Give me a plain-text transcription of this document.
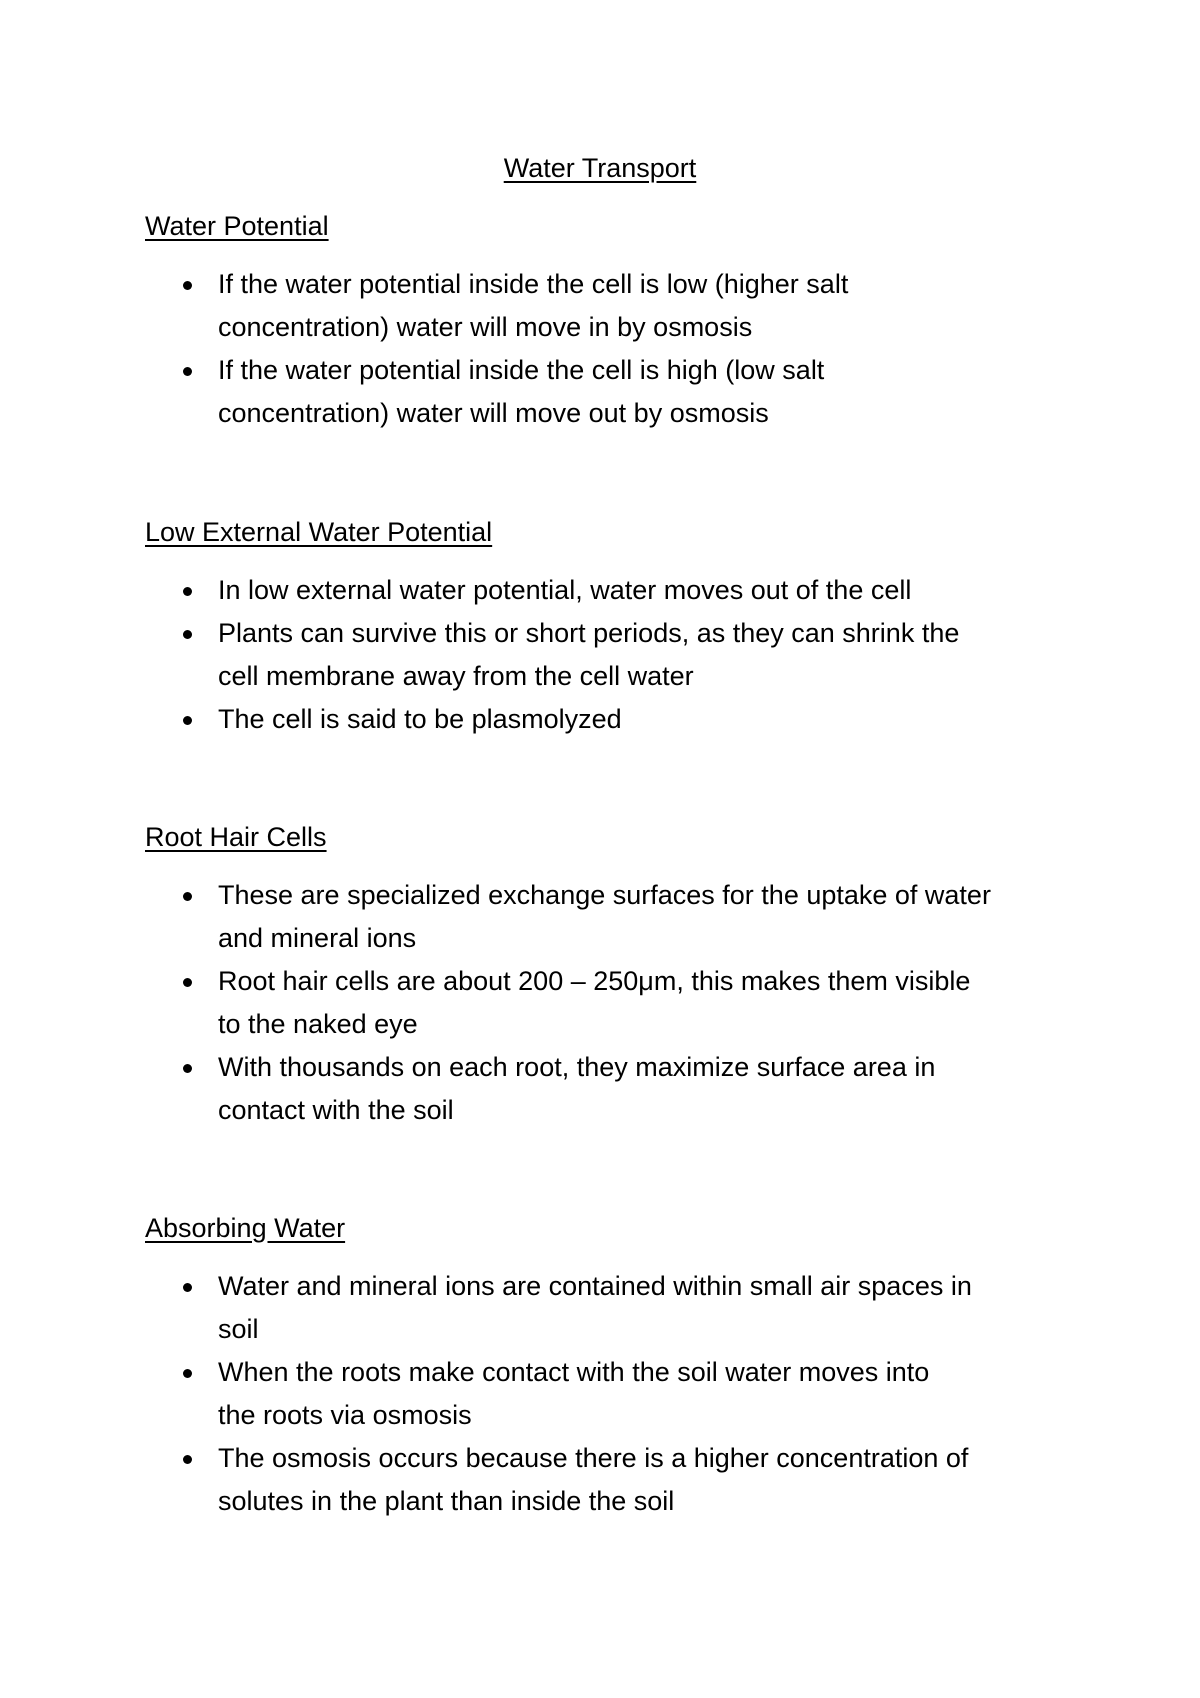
Water Transport
Water Potential
If the water potential inside the cell is low (higher salt
concentration) water will move in by osmosis
If the water potential inside the cell is high (low salt
concentration) water will move out by osmosis
Low External Water Potential
In low external water potential, water moves out of the cell
Plants can survive this or short periods, as they can shrink the
cell membrane away from the cell water
The cell is said to be plasmolyzed
Root Hair Cells
These are specialized exchange surfaces for the uptake of water
and mineral ions
Root hair cells are about 200 – 250μm, this makes them visible
to the naked eye
With thousands on each root, they maximize surface area in
contact with the soil
Absorbing Water
Water and mineral ions are contained within small air spaces in
soil
When the roots make contact with the soil water moves into
the roots via osmosis
The osmosis occurs because there is a higher concentration of
solutes in the plant than inside the soil
